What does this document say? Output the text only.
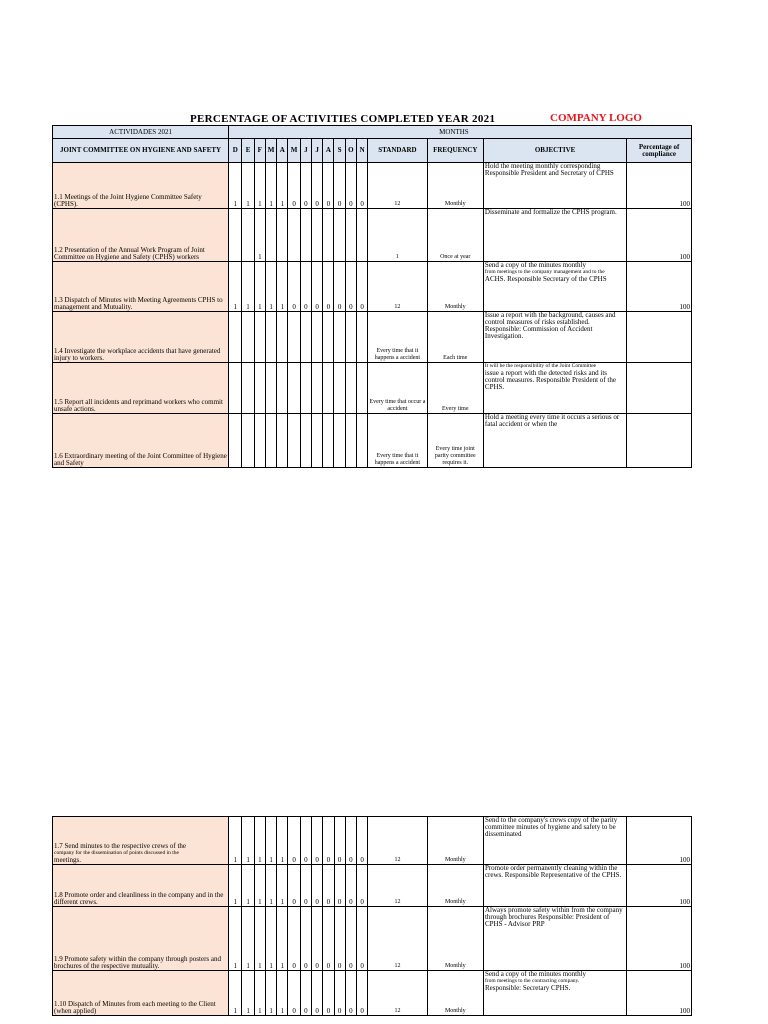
PERCENTAGE OF ACTIVITIES COMPLETED YEAR 2021	COMPANY LOGO
ACTIVIDADES 2021	MONTHS															
JOINT COMMITTEE ON HYGIENE AND SAFETY	D	E	F	M	A	M	J	J	A	S	O	N	STANDARD	FREQUENCY	OBJECTIVE	Percentage of compliance
1.1 Meetings of the Joint Hygiene Committee Safety (CPHS).	1	1	1	1	1	0	0	0	0	0	0	0	12	Monthly	Hold the meeting monthly corresponding Responsible President and Secretary of CPHS	100
1.2 Presentation of the Annual Work Program of Joint Committee on Hygiene and Safety (CPHS) workers			1										1	Once at year	Disseminate and formalize the CPHS program.	100
1.3 Dispatch of Minutes with Meeting Agreements CPHS to management and Mutuality.	1	1	1	1	1	0	0	0	0	0	0	0	12	Monthly	Send a copy of the minutes monthly
from meetings to the company management and to the
ACHS. Responsible Secretary of the CPHS	100
1.4 Investigate the workplace accidents that have generated injury to workers.													Every time that it happens a accident	Each time	Issue a report with the background, causes and control measures of risks established. Responsible: Commission of Accident Investigation.	
1.5 Report all incidents and reprimand workers who commit unsafe actions.													Every time that occur a accident	Every time	It will be the responsibility of the Joint Committee
issue a report with the detected risks and its control measures. Responsible President of the CPHS.	
1.6 Extraordinary meeting of the Joint Committee of Hygiene and Safety													Every time that it happens a accident	Every time joint parity committee requires it.	Hold a meeting every time it occurs a serious or fatal accident or when the	
1.7 Send minutes to the respective crews of the
company for the dissemination of points discussed in the
meetings.	1	1	1	1	1	0	0	0	0	0	0	0	12	Monthly	Send to the company's crews copy of the parity committee minutes of hygiene and safety to be disseminated	100
1.8 Promote order and cleanliness in the company and in the different crews.	1	1	1	1	1	0	0	0	0	0	0	0	12	Monthly	Promote order permanently cleaning within the crews. Responsible Representative of the CPHS.	100
1.9 Promote safety within the company through posters and brochures of the respective mutuality.	1	1	1	1	1	0	0	0	0	0	0	0	12	Monthly	Always promote safety within from the company through brochures Responsible: President of CPHS - Advisor PRP	100
1.10 Dispatch of Minutes from each meeting to the Client (when applied)	1	1	1	1	1	0	0	0	0	0	0	0	12	Monthly	Send a copy of the minutes monthly
from meetings to the contracting company.
Responsible: Secretary CPHS.	100
